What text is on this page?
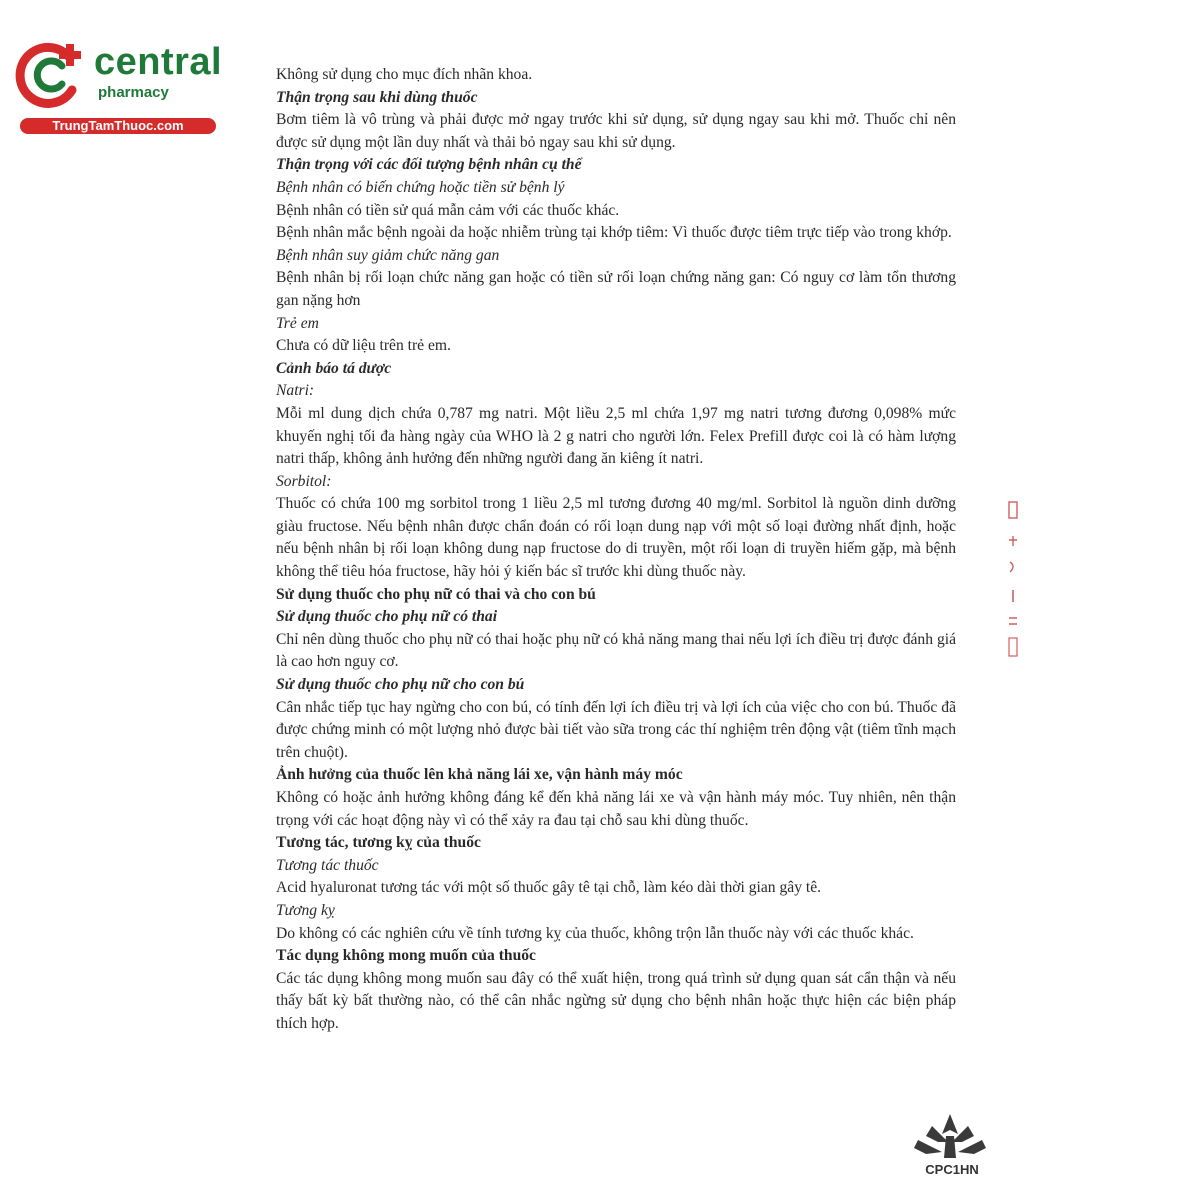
central
pharmacy
TrungTamThuoc.com

Không sử dụng cho mục đích nhãn khoa.

Thận trọng sau khi dùng thuốc

Bơm tiêm là vô trùng và phải được mở ngay trước khi sử dụng, sử dụng ngay sau khi mở. Thuốc chỉ nên được sử dụng một lần duy nhất và thải bỏ ngay sau khi sử dụng.

Thận trọng với các đối tượng bệnh nhân cụ thể

Bệnh nhân có biến chứng hoặc tiền sử bệnh lý

Bệnh nhân có tiền sử quá mẫn cảm với các thuốc khác.

Bệnh nhân mắc bệnh ngoài da hoặc nhiễm trùng tại khớp tiêm: Vì thuốc được tiêm trực tiếp vào trong khớp.

Bệnh nhân suy giảm chức năng gan

Bệnh nhân bị rối loạn chức năng gan hoặc có tiền sử rối loạn chứng năng gan: Có nguy cơ làm tổn thương gan nặng hơn

Trẻ em

Chưa có dữ liệu trên trẻ em.

Cảnh báo tá dược

Natri:

Mỗi ml dung dịch chứa 0,787 mg natri. Một liều 2,5 ml chứa 1,97 mg natri tương đương 0,098% mức khuyến nghị tối đa hàng ngày của WHO là 2 g natri cho người lớn. Felex Prefill được coi là có hàm lượng natri thấp, không ảnh hưởng đến những người đang ăn kiêng ít natri.

Sorbitol:

Thuốc có chứa 100 mg sorbitol trong 1 liều 2,5 ml tương đương 40 mg/ml. Sorbitol là nguồn dinh dưỡng giàu fructose. Nếu bệnh nhân được chẩn đoán có rối loạn dung nạp với một số loại đường nhất định, hoặc nếu bệnh nhân bị rối loạn không dung nạp fructose do di truyền, một rối loạn di truyền hiếm gặp, mà bệnh không thể tiêu hóa fructose, hãy hỏi ý kiến bác sĩ trước khi dùng thuốc này.

Sử dụng thuốc cho phụ nữ có thai và cho con bú

Sử dụng thuốc cho phụ nữ có thai

Chỉ nên dùng thuốc cho phụ nữ có thai hoặc phụ nữ có khả năng mang thai nếu lợi ích điều trị được đánh giá là cao hơn nguy cơ.

Sử dụng thuốc cho phụ nữ cho con bú

Cân nhắc tiếp tục hay ngừng cho con bú, có tính đến lợi ích điều trị và lợi ích của việc cho con bú. Thuốc đã được chứng minh có một lượng nhỏ được bài tiết vào sữa trong các thí nghiệm trên động vật (tiêm tĩnh mạch trên chuột).

Ảnh hưởng của thuốc lên khả năng lái xe, vận hành máy móc

Không có hoặc ảnh hưởng không đáng kể đến khả năng lái xe và vận hành máy móc. Tuy nhiên, nên thận trọng với các hoạt động này vì có thể xảy ra đau tại chỗ sau khi dùng thuốc.

Tương tác, tương kỵ của thuốc

Tương tác thuốc

Acid hyaluronat tương tác với một số thuốc gây tê tại chỗ, làm kéo dài thời gian gây tê.

Tương kỵ

Do không có các nghiên cứu về tính tương kỵ của thuốc, không trộn lẫn thuốc này với các thuốc khác.

Tác dụng không mong muốn của thuốc

Các tác dụng không mong muốn sau đây có thể xuất hiện, trong quá trình sử dụng quan sát cẩn thận và nếu thấy bất kỳ bất thường nào, có thể cân nhắc ngừng sử dụng cho bệnh nhân hoặc thực hiện các biện pháp thích hợp.

CPC1HN
